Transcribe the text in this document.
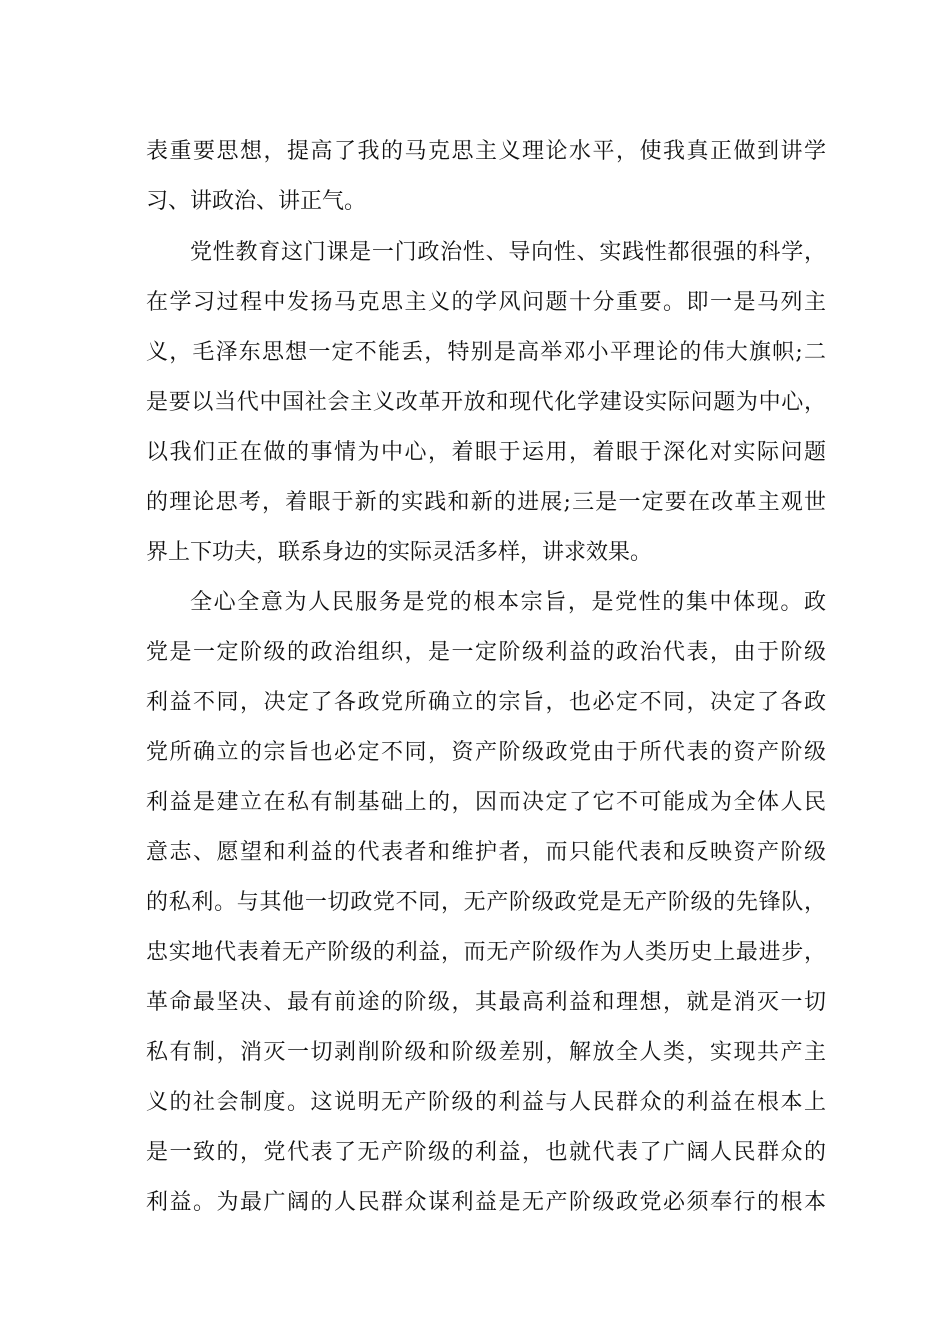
表重要思想，提高了我的马克思主义理论水平，使我真正做到讲学
习、讲政治、讲正气。
党性教育这门课是一门政治性、导向性、实践性都很强的科学，
在学习过程中发扬马克思主义的学风问题十分重要。即一是马列主
义，毛泽东思想一定不能丢，特别是高举邓小平理论的伟大旗帜;二
是要以当代中国社会主义改革开放和现代化学建设实际问题为中心，
以我们正在做的事情为中心，着眼于运用，着眼于深化对实际问题
的理论思考，着眼于新的实践和新的进展;三是一定要在改革主观世
界上下功夫，联系身边的实际灵活多样，讲求效果。
全心全意为人民服务是党的根本宗旨，是党性的集中体现。政
党是一定阶级的政治组织，是一定阶级利益的政治代表，由于阶级
利益不同，决定了各政党所确立的宗旨，也必定不同，决定了各政
党所确立的宗旨也必定不同，资产阶级政党由于所代表的资产阶级
利益是建立在私有制基础上的，因而决定了它不可能成为全体人民
意志、愿望和利益的代表者和维护者，而只能代表和反映资产阶级
的私利。与其他一切政党不同，无产阶级政党是无产阶级的先锋队，
忠实地代表着无产阶级的利益，而无产阶级作为人类历史上最进步，
革命最坚决、最有前途的阶级，其最高利益和理想，就是消灭一切
私有制，消灭一切剥削阶级和阶级差别，解放全人类，实现共产主
义的社会制度。这说明无产阶级的利益与人民群众的利益在根本上
是一致的，党代表了无产阶级的利益，也就代表了广阔人民群众的
利益。为最广阔的人民群众谋利益是无产阶级政党必须奉行的根本
